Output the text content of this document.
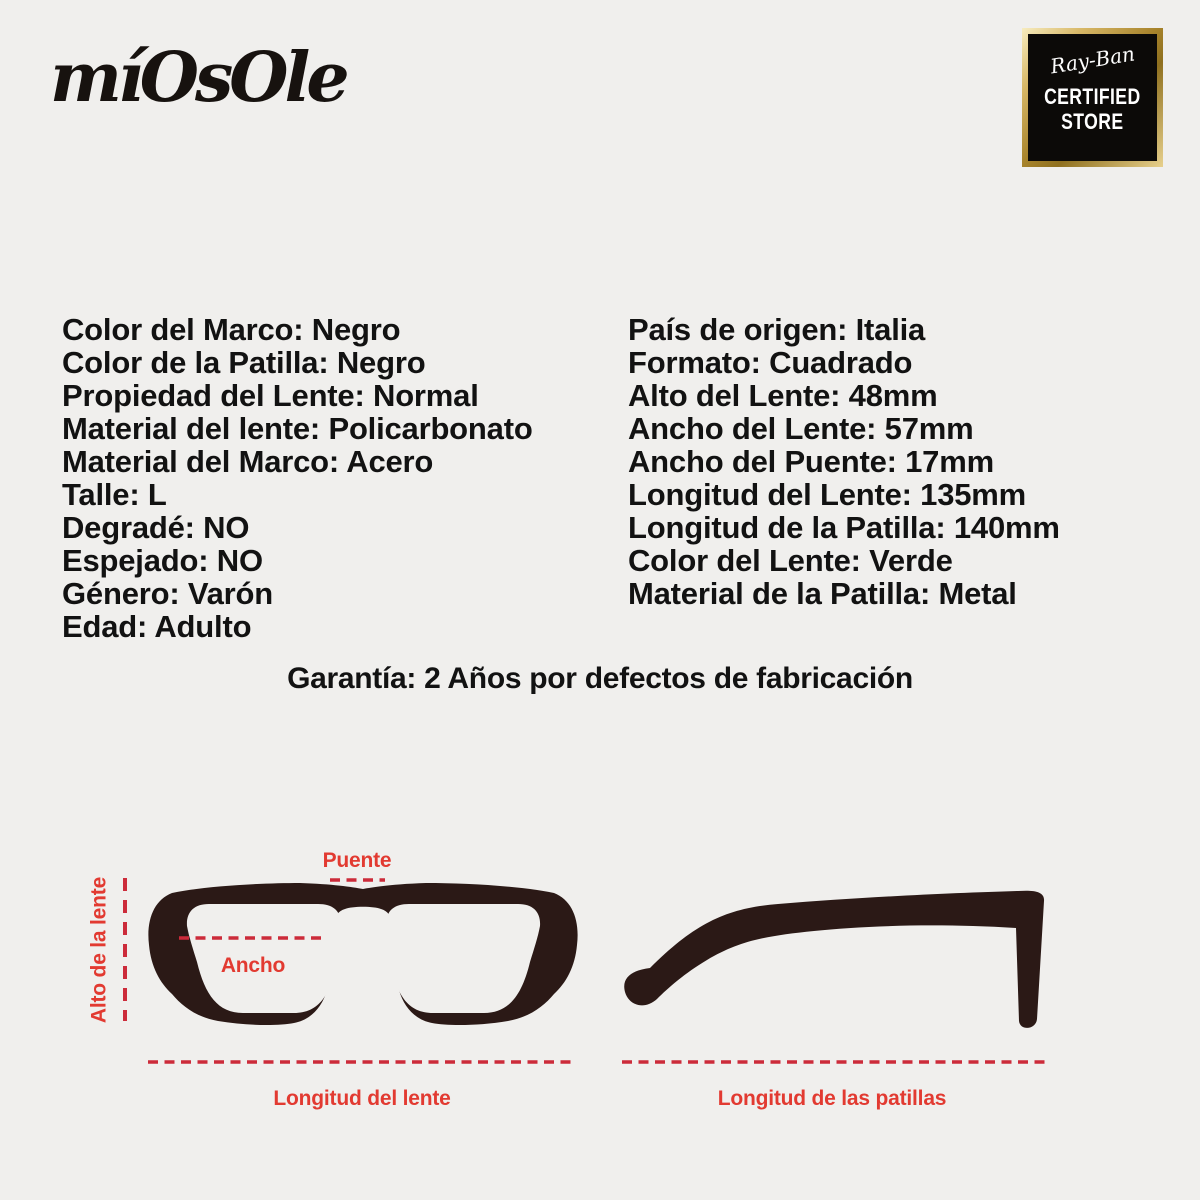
míOsOle	Ray-Ban
CERTIFIED
STORE
Color del Marco: Negro
Color de la Patilla: Negro
Propiedad del Lente: Normal
Material del lente: Policarbonato
Material del Marco: Acero
Talle: L
Degradé: NO
Espejado: NO
Género: Varón
Edad: Adulto
País de origen: Italia
Formato: Cuadrado
Alto del Lente: 48mm
Ancho del Lente: 57mm
Ancho del Puente: 17mm
Longitud del Lente: 135mm
Longitud de la Patilla: 140mm
Color del Lente: Verde
Material de la Patilla: Metal
Garantía: 2 Años por defectos de fabricación
Puente
Ancho
Alto de la lente
Longitud del lente	Longitud de las patillas
